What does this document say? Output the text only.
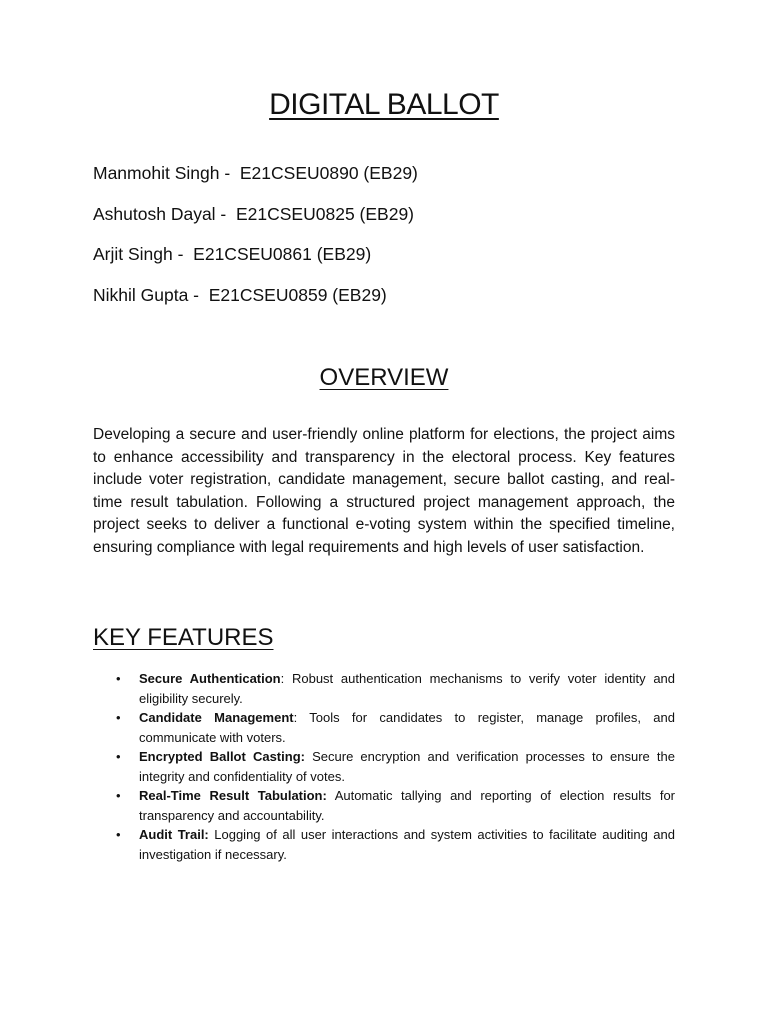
DIGITAL BALLOT
Manmohit Singh -  E21CSEU0890 (EB29)
Ashutosh Dayal -  E21CSEU0825 (EB29)
Arjit Singh -  E21CSEU0861 (EB29)
Nikhil Gupta -  E21CSEU0859 (EB29)
OVERVIEW

Developing a secure and user-friendly online platform for elections, the project aims to enhance accessibility and transparency in the electoral process. Key features include voter registration, candidate management, secure ballot casting, and real-time result tabulation. Following a structured project management approach, the project seeks to deliver a functional e-voting system within the specified timeline, ensuring compliance with legal requirements and high levels of user satisfaction.

KEY FEATURES
• Secure Authentication: Robust authentication mechanisms to verify voter identity and eligibility securely.
• Candidate Management: Tools for candidates to register, manage profiles, and communicate with voters.
• Encrypted Ballot Casting: Secure encryption and verification processes to ensure the integrity and confidentiality of votes.
• Real-Time Result Tabulation: Automatic tallying and reporting of election results for transparency and accountability.
• Audit Trail: Logging of all user interactions and system activities to facilitate auditing and investigation if necessary.
